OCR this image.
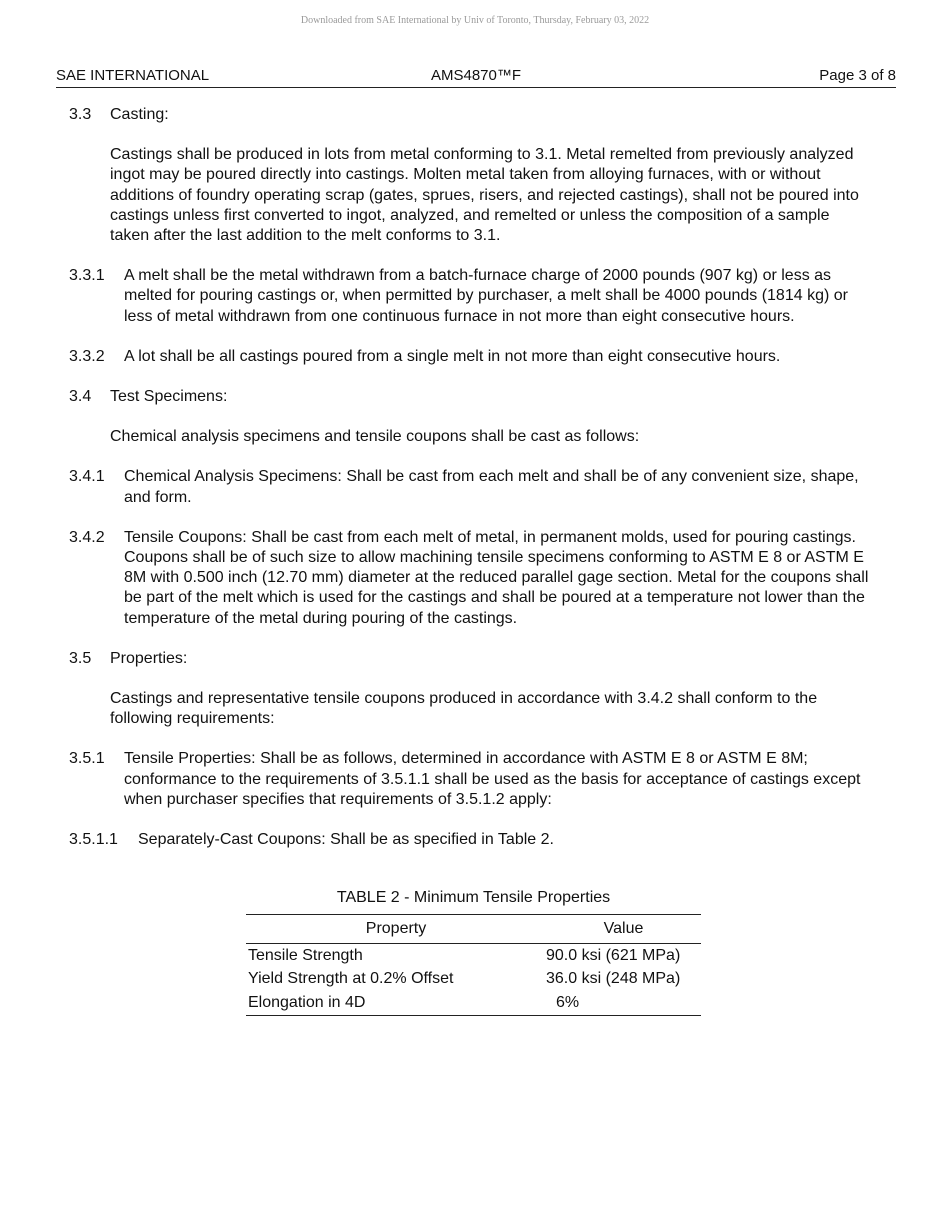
Downloaded from SAE International by Univ of Toronto, Thursday, February 03, 2022
SAE INTERNATIONAL	AMS4870™F	Page 3 of 8
3.3	Casting:

Castings shall be produced in lots from metal conforming to 3.1. Metal remelted from previously analyzed ingot may be poured directly into castings. Molten metal taken from alloying furnaces, with or without additions of foundry operating scrap (gates, sprues, risers, and rejected castings), shall not be poured into castings unless first converted to ingot, analyzed, and remelted or unless the composition of a sample taken after the last addition to the melt conforms to 3.1.

3.3.1	A melt shall be the metal withdrawn from a batch-furnace charge of 2000 pounds (907 kg) or less as melted for pouring castings or, when permitted by purchaser, a melt shall be 4000 pounds (1814 kg) or less of metal withdrawn from one continuous furnace in not more than eight consecutive hours.

3.3.2	A lot shall be all castings poured from a single melt in not more than eight consecutive hours.

3.4	Test Specimens:

Chemical analysis specimens and tensile coupons shall be cast as follows:

3.4.1	Chemical Analysis Specimens: Shall be cast from each melt and shall be of any convenient size, shape, and form.

3.4.2	Tensile Coupons: Shall be cast from each melt of metal, in permanent molds, used for pouring castings. Coupons shall be of such size to allow machining tensile specimens conforming to ASTM E 8 or ASTM E 8M with 0.500 inch (12.70 mm) diameter at the reduced parallel gage section. Metal for the coupons shall be part of the melt which is used for the castings and shall be poured at a temperature not lower than the temperature of the metal during pouring of the castings.

3.5	Properties:

Castings and representative tensile coupons produced in accordance with 3.4.2 shall conform to the following requirements:

3.5.1	Tensile Properties: Shall be as follows, determined in accordance with ASTM E 8 or ASTM E 8M; conformance to the requirements of 3.5.1.1 shall be used as the basis for acceptance of castings except when purchaser specifies that requirements of 3.5.1.2 apply:

3.5.1.1	Separately-Cast Coupons: Shall be as specified in Table 2.

TABLE 2 - Minimum Tensile Properties
Property	Value
Tensile Strength	90.0 ksi (621 MPa)
Yield Strength at 0.2% Offset	36.0 ksi (248 MPa)
Elongation in 4D	6%
